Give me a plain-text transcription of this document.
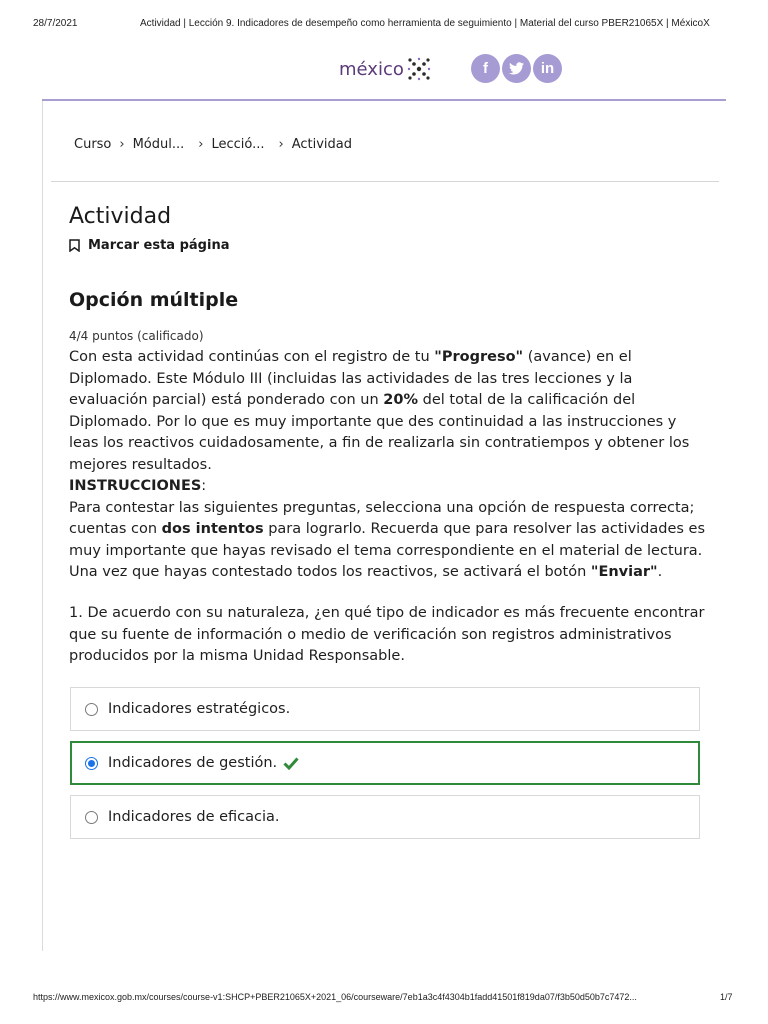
28/7/2021	Actividad | Lección 9. Indicadores de desempeño como herramienta de seguimiento | Material del curso PBER21065X | MéxicoX
méxico	f	in
Curso › Módul... › Lecció... › Actividad
Actividad
Marcar esta página
Opción múltiple
4/4 puntos (calificado)

Con esta actividad continúas con el registro de tu "Progreso" (avance) en el Diplomado. Este Módulo III (incluidas las actividades de las tres lecciones y la evaluación parcial) está ponderado con un 20% del total de la calificación del Diplomado. Por lo que es muy importante que des continuidad a las instrucciones y leas los reactivos cuidadosamente, a fin de realizarla sin contratiempos y obtener los mejores resultados.

INSTRUCCIONES:
Para contestar las siguientes preguntas, selecciona una opción de respuesta correcta; cuentas con dos intentos para lograrlo. Recuerda que para resolver las actividades es muy importante que hayas revisado el tema correspondiente en el material de lectura. Una vez que hayas contestado todos los reactivos, se activará el botón "Enviar".

1. De acuerdo con su naturaleza, ¿en qué tipo de indicador es más frecuente encontrar que su fuente de información o medio de verificación son registros administrativos producidos por la misma Unidad Responsable.

Indicadores estratégicos.
Indicadores de gestión.
Indicadores de eficacia.
https://www.mexicox.gob.mx/courses/course-v1:SHCP+PBER21065X+2021_06/courseware/7eb1a3c4f4304b1fadd41501f819da07/f3b50d50b7c7472...	1/7
